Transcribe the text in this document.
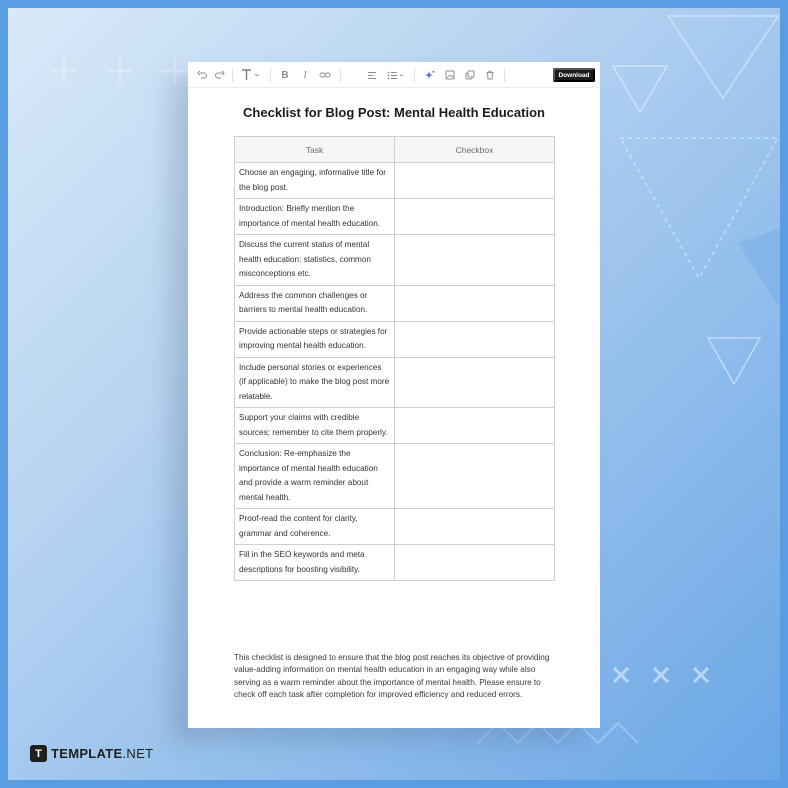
B	I	Download
Checklist for Blog Post: Mental Health Education
Task	Checkbox
Choose an engaging, informative title for the blog post.	
Introduction: Briefly mention the importance of mental health education.	
Discuss the current status of mental health education: statistics, common misconceptions etc.	
Address the common challenges or barriers to mental health education.	
Provide actionable steps or strategies for improving mental health education.	
Include personal stories or experiences (if applicable) to make the blog post more relatable.	
Support your claims with credible sources; remember to cite them properly.	
Conclusion: Re-emphasize the importance of mental health education and provide a warm reminder about mental health.	
Proof-read the content for clarity, grammar and coherence.	
Fill in the SEO keywords and meta descriptions for boosting visibility.	

This checklist is designed to ensure that the blog post reaches its objective of providing value-adding information on mental health education in an engaging way while also serving as a warm reminder about the importance of mental health. Please ensure to check off each task after completion for improved efficiency and reduced errors.

T TEMPLATE.NET
